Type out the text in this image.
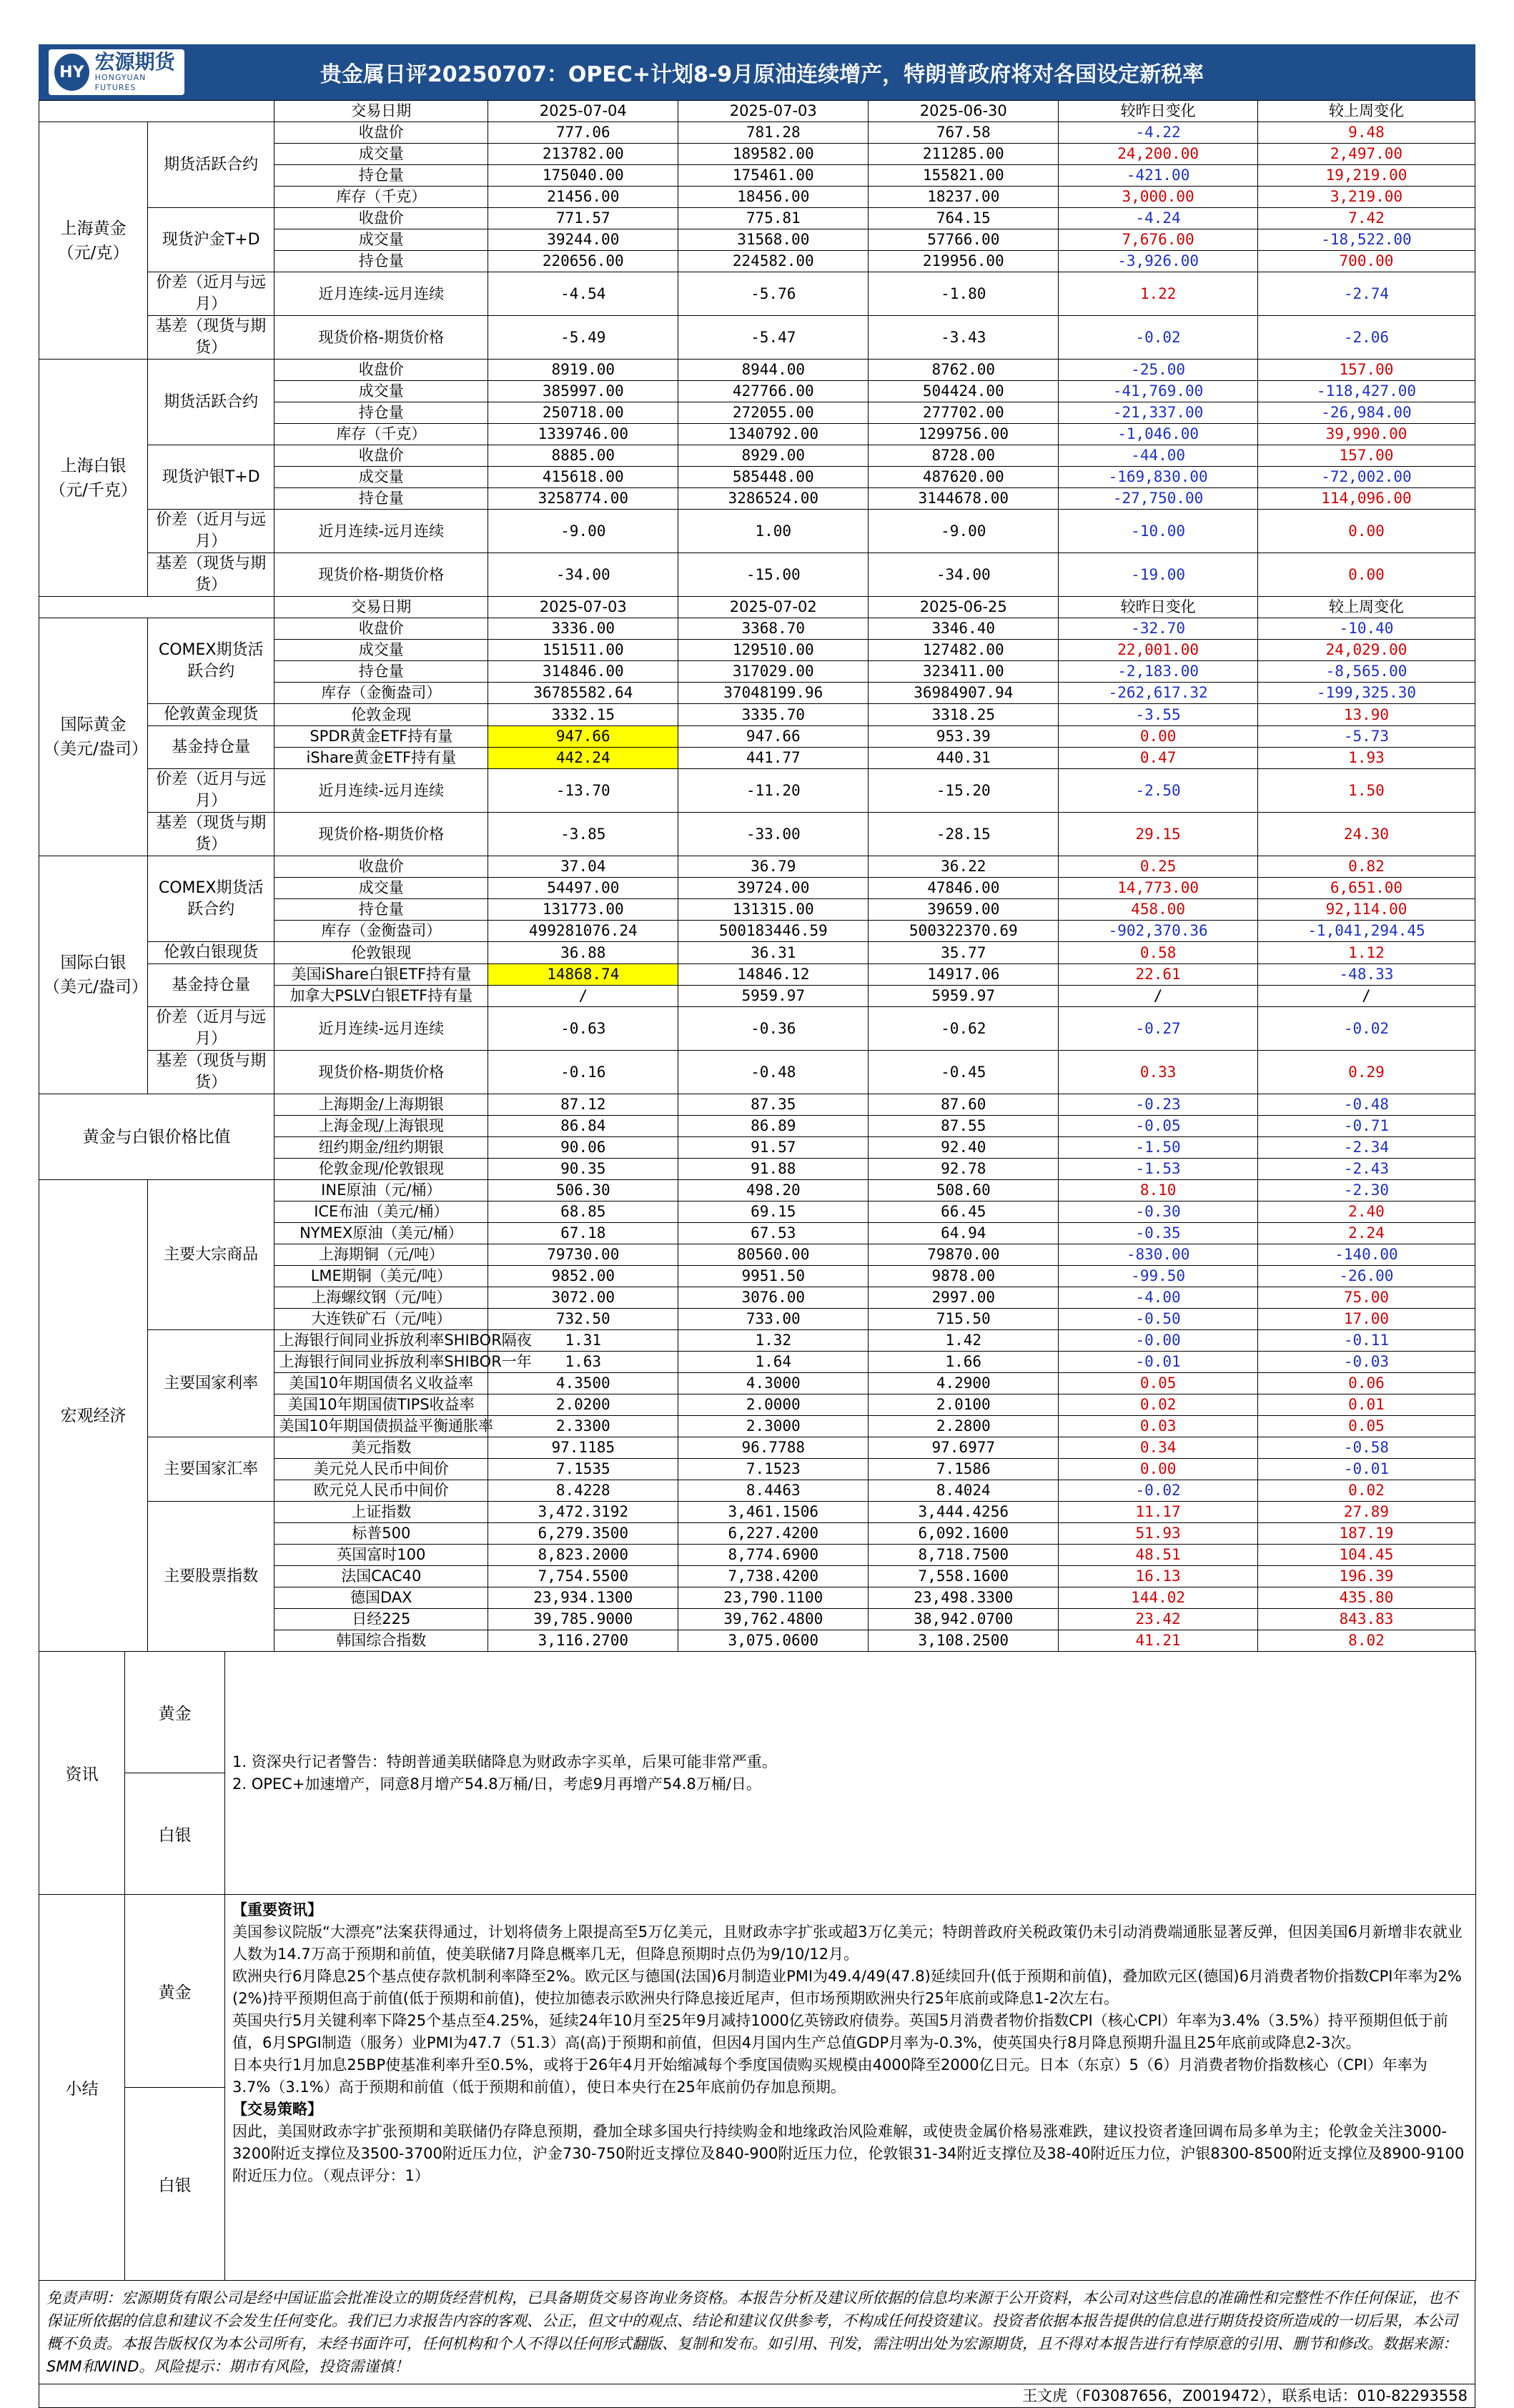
HY 宏源期货
HONGYUAN FUTURES
贵金属日评20250707：OPEC+计划8-9月原油连续增产，特朗普政府将对各国设定新税率
		交易日期	2025-07-04	2025-07-03	2025-06-30	较昨日变化	较上周变化
上海黄金
（元/克）	期货活跃合约	收盘价	777.06	781.28	767.58	-4.22	9.48
		成交量	213782.00	189582.00	211285.00	24,200.00	2,497.00
		持仓量	175040.00	175461.00	155821.00	-421.00	19,219.00
		库存（千克）	21456.00	18456.00	18237.00	3,000.00	3,219.00
	现货沪金T+D	收盘价	771.57	775.81	764.15	-4.24	7.42
		成交量	39244.00	31568.00	57766.00	7,676.00	-18,522.00
		持仓量	220656.00	224582.00	219956.00	-3,926.00	700.00
	价差（近月与远月）	近月连续-远月连续	-4.54	-5.76	-1.80	1.22	-2.74
	基差（现货与期货）	现货价格-期货价格	-5.49	-5.47	-3.43	-0.02	-2.06
上海白银
（元/千克）	期货活跃合约	收盘价	8919.00	8944.00	8762.00	-25.00	157.00
		成交量	385997.00	427766.00	504424.00	-41,769.00	-118,427.00
		持仓量	250718.00	272055.00	277702.00	-21,337.00	-26,984.00
		库存（千克）	1339746.00	1340792.00	1299756.00	-1,046.00	39,990.00
	现货沪银T+D	收盘价	8885.00	8929.00	8728.00	-44.00	157.00
		成交量	415618.00	585448.00	487620.00	-169,830.00	-72,002.00
		持仓量	3258774.00	3286524.00	3144678.00	-27,750.00	114,096.00
	价差（近月与远月）	近月连续-远月连续	-9.00	1.00	-9.00	-10.00	0.00
	基差（现货与期货）	现货价格-期货价格	-34.00	-15.00	-34.00	-19.00	0.00
		交易日期	2025-07-03	2025-07-02	2025-06-25	较昨日变化	较上周变化
国际黄金
（美元/盎司）	COMEX期货活跃合约	收盘价	3336.00	3368.70	3346.40	-32.70	-10.40
		成交量	151511.00	129510.00	127482.00	22,001.00	24,029.00
		持仓量	314846.00	317029.00	323411.00	-2,183.00	-8,565.00
		库存（金衡盎司）	36785582.64	37048199.96	36984907.94	-262,617.32	-199,325.30
	伦敦黄金现货	伦敦金现	3332.15	3335.70	3318.25	-3.55	13.90
	基金持仓量	SPDR黄金ETF持有量	947.66	947.66	953.39	0.00	-5.73
		iShare黄金ETF持有量	442.24	441.77	440.31	0.47	1.93
	价差（近月与远月）	近月连续-远月连续	-13.70	-11.20	-15.20	-2.50	1.50
	基差（现货与期货）	现货价格-期货价格	-3.85	-33.00	-28.15	29.15	24.30
国际白银
（美元/盎司）	COMEX期货活跃合约	收盘价	37.04	36.79	36.22	0.25	0.82
		成交量	54497.00	39724.00	47846.00	14,773.00	6,651.00
		持仓量	131773.00	131315.00	39659.00	458.00	92,114.00
		库存（金衡盎司）	499281076.24	500183446.59	500322370.69	-902,370.36	-1,041,294.45
	伦敦白银现货	伦敦银现	36.88	36.31	35.77	0.58	1.12
	基金持仓量	美国iShare白银ETF持有量	14868.74	14846.12	14917.06	22.61	-48.33
		加拿大PSLV白银ETF持有量	/	5959.97	5959.97	/	/
	价差（近月与远月）	近月连续-远月连续	-0.63	-0.36	-0.62	-0.27	-0.02
	基差（现货与期货）	现货价格-期货价格	-0.16	-0.48	-0.45	0.33	0.29
黄金与白银价格比值		上海期金/上海期银	87.12	87.35	87.60	-0.23	-0.48
		上海金现/上海银现	86.84	86.89	87.55	-0.05	-0.71
		纽约期金/纽约期银	90.06	91.57	92.40	-1.50	-2.34
		伦敦金现/伦敦银现	90.35	91.88	92.78	-1.53	-2.43
宏观经济	主要大宗商品	INE原油（元/桶）	506.30	498.20	508.60	8.10	-2.30
		ICE布油（美元/桶）	68.85	69.15	66.45	-0.30	2.40
		NYMEX原油（美元/桶）	67.18	67.53	64.94	-0.35	2.24
		上海期铜（元/吨）	79730.00	80560.00	79870.00	-830.00	-140.00
		LME期铜（美元/吨）	9852.00	9951.50	9878.00	-99.50	-26.00
		上海螺纹钢（元/吨）	3072.00	3076.00	2997.00	-4.00	75.00
		大连铁矿石（元/吨）	732.50	733.00	715.50	-0.50	17.00
	主要国家利率	上海银行间同业拆放利率SHIBOR隔夜	1.31	1.32	1.42	-0.00	-0.11
		上海银行间同业拆放利率SHIBOR一年	1.63	1.64	1.66	-0.01	-0.03
		美国10年期国债名义收益率	4.3500	4.3000	4.2900	0.05	0.06
		美国10年期国债TIPS收益率	2.0200	2.0000	2.0100	0.02	0.01
		美国10年期国债损益平衡通胀率	2.3300	2.3000	2.2800	0.03	0.05
	主要国家汇率	美元指数	97.1185	96.7788	97.6977	0.34	-0.58
		美元兑人民币中间价	7.1535	7.1523	7.1586	0.00	-0.01
		欧元兑人民币中间价	8.4228	8.4463	8.4024	-0.02	0.02
	主要股票指数	上证指数	3,472.3192	3,461.1506	3,444.4256	11.17	27.89
		标普500	6,279.3500	6,227.4200	6,092.1600	51.93	187.19
		英国富时100	8,823.2000	8,774.6900	8,718.7500	48.51	104.45
		法国CAC40	7,754.5500	7,738.4200	7,558.1600	16.13	196.39
		德国DAX	23,934.1300	23,790.1100	23,498.3300	144.02	435.80
		日经225	39,785.9000	39,762.4800	38,942.0700	23.42	843.83
		韩国综合指数	3,116.2700	3,075.0600	3,108.2500	41.21	8.02
资讯	黄金	
1. 资深央行记者警告：特朗普通美联储降息为财政赤字买单，后果可能非常严重。
2. OPEC+加速增产，同意8月增产54.8万桶/日，考虑9月再增产54.8万桶/日。

白银
小结	黄金	
【重要资讯】
美国参议院版“大漂亮”法案获得通过，计划将债务上限提高至5万亿美元，且财政赤字扩张或超3万亿美元；特朗普政府关税政策仍未引动消费端通胀显著反弹，但因美国6月新增非农就业人数为14.7万高于预期和前值，使美联储7月降息概率几无，但降息预期时点仍为9/10/12月。
欧洲央行6月降息25个基点使存款机制利率降至2%。欧元区与德国(法国)6月制造业PMI为49.4/49(47.8)延续回升(低于预期和前值)，叠加欧元区(德国)6月消费者物价指数CPI年率为2%(2%)持平预期但高于前值(低于预期和前值)，使拉加德表示欧洲央行降息接近尾声，但市场预期欧洲央行25年底前或降息1-2次左右。
英国央行5月关键利率下降25个基点至4.25%，延续24年10月至25年9月减持1000亿英镑政府债券。英国5月消费者物价指数CPI（核心CPI）年率为3.4%（3.5%）持平预期但低于前值，6月SPGI制造（服务）业PMI为47.7（51.3）高(高)于预期和前值，但因4月国内生产总值GDP月率为-0.3%，使英国央行8月降息预期升温且25年底前或降息2-3次。
日本央行1月加息25BP使基准利率升至0.5%，或将于26年4月开始缩减每个季度国债购买规模由4000降至2000亿日元。日本（东京）5（6）月消费者物价指数核心（CPI）年率为3.7%（3.1%）高于预期和前值（低于预期和前值），使日本央行在25年底前仍存加息预期。
【交易策略】
因此，美国财政赤字扩张预期和美联储仍存降息预期，叠加全球多国央行持续购金和地缘政治风险难解，或使贵金属价格易涨难跌，建议投资者逢回调布局多单为主；伦敦金关注3000-3200附近支撑位及3500-3700附近压力位，沪金730-750附近支撑位及840-900附近压力位，伦敦银31-34附近支撑位及38-40附近压力位，沪银8300-8500附近支撑位及8900-9100附近压力位。（观点评分：1）

白银
免责声明：宏源期货有限公司是经中国证监会批准设立的期货经营机构，已具备期货交易咨询业务资格。本报告分析及建议所依据的信息均来源于公开资料，本公司对这些信息的准确性和完整性不作任何保证，也不保证所依据的信息和建议不会发生任何变化。我们已力求报告内容的客观、公正，但文中的观点、结论和建议仅供参考，不构成任何投资建议。投资者依据本报告提供的信息进行期货投资所造成的一切后果，本公司概不负责。本报告版权仅为本公司所有，未经书面许可，任何机构和个人不得以任何形式翻版、复制和发布。如引用、刊发，需注明出处为宏源期货，且不得对本报告进行有悖原意的引用、删节和修改。数据来源：SMM和WIND。风险提示：期市有风险，投资需谨慎！
王文虎（F03087656，Z0019472），联系电话：010-82293558
